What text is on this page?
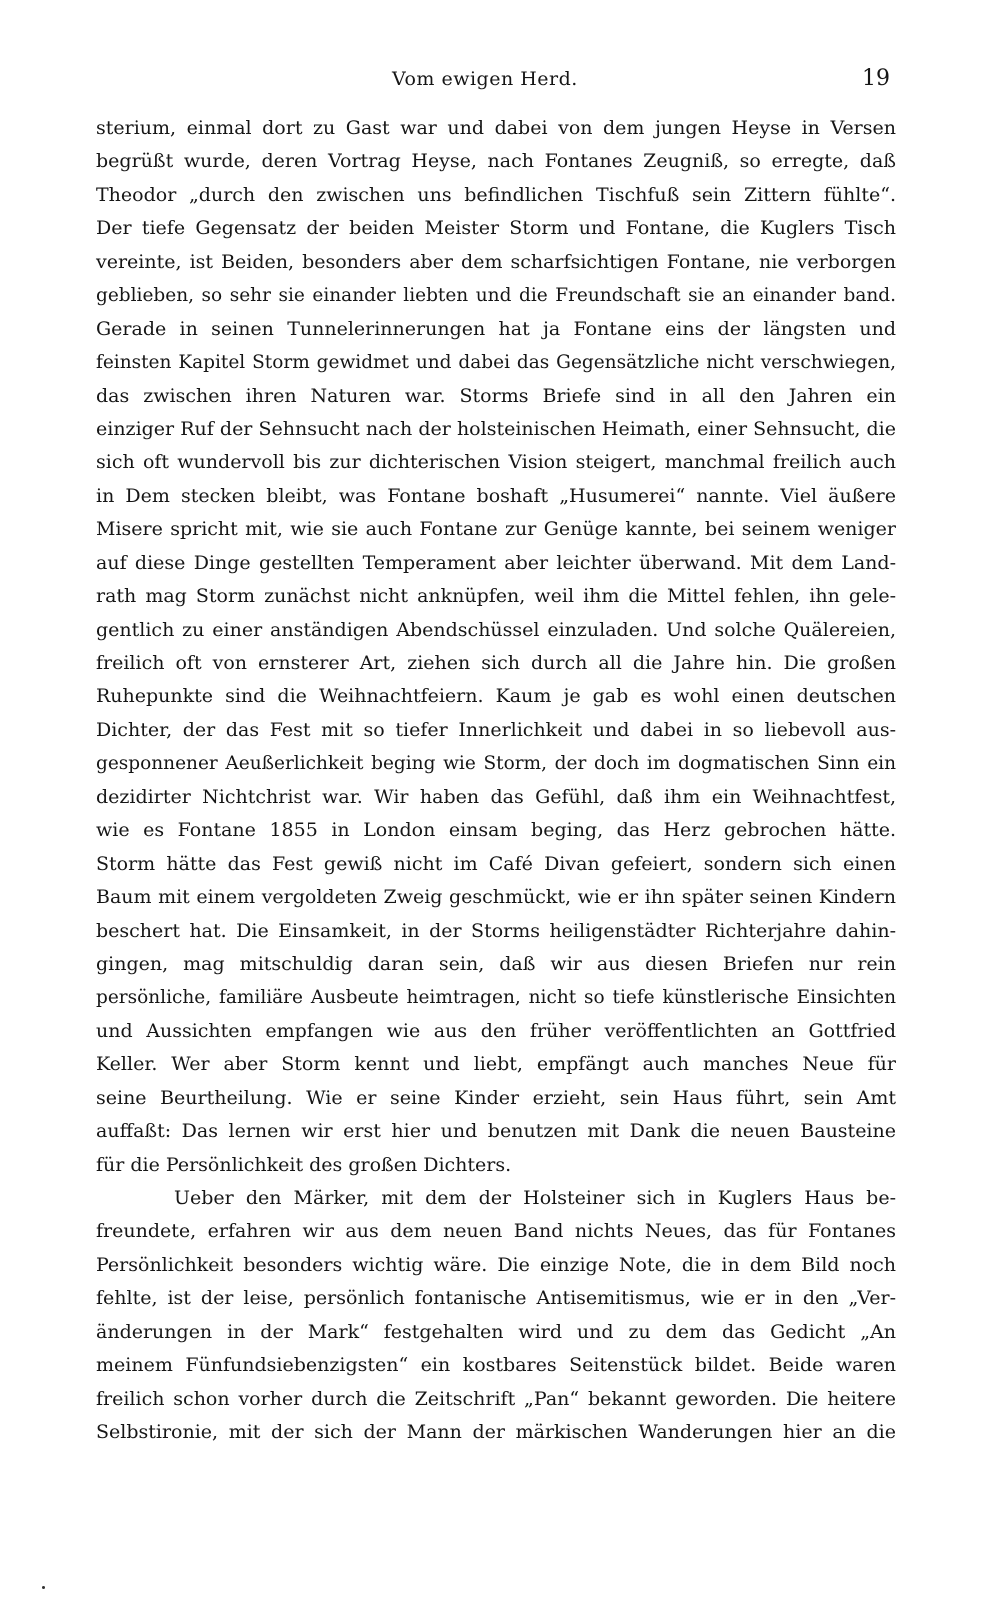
Vom ewigen Herd.	19
sterium, einmal dort zu Gast war und dabei von dem jungen Heyse in Versen
begrüßt wurde, deren Vortrag Heyse, nach Fontanes Zeugniß, so erregte, daß
Theodor „durch den zwischen uns befindlichen Tischfuß sein Zittern fühlte“.
Der tiefe Gegensatz der beiden Meister Storm und Fontane, die Kuglers Tisch
vereinte, ist Beiden, besonders aber dem scharfsichtigen Fontane, nie verborgen
geblieben, so sehr sie einander liebten und die Freundschaft sie an einander band.
Gerade in seinen Tunnelerinnerungen hat ja Fontane eins der längsten und
feinsten Kapitel Storm gewidmet und dabei das Gegensätzliche nicht verschwiegen,
das zwischen ihren Naturen war. Storms Briefe sind in all den Jahren ein
einziger Ruf der Sehnsucht nach der holsteinischen Heimath, einer Sehnsucht, die
sich oft wundervoll bis zur dichterischen Vision steigert, manchmal freilich auch
in Dem stecken bleibt, was Fontane boshaft „Husumerei“ nannte. Viel äußere
Misere spricht mit, wie sie auch Fontane zur Genüge kannte, bei seinem weniger
auf diese Dinge gestellten Temperament aber leichter überwand. Mit dem Land-
rath mag Storm zunächst nicht anknüpfen, weil ihm die Mittel fehlen, ihn gele-
gentlich zu einer anständigen Abendschüssel einzuladen. Und solche Quälereien,
freilich oft von ernsterer Art, ziehen sich durch all die Jahre hin. Die großen
Ruhepunkte sind die Weihnachtfeiern. Kaum je gab es wohl einen deutschen
Dichter, der das Fest mit so tiefer Innerlichkeit und dabei in so liebevoll aus-
gesponnener Aeußerlichkeit beging wie Storm, der doch im dogmatischen Sinn ein
dezidirter Nichtchrist war. Wir haben das Gefühl, daß ihm ein Weihnachtfest,
wie es Fontane 1855 in London einsam beging, das Herz gebrochen hätte.
Storm hätte das Fest gewiß nicht im Café Divan gefeiert, sondern sich einen
Baum mit einem vergoldeten Zweig geschmückt, wie er ihn später seinen Kindern
beschert hat. Die Einsamkeit, in der Storms heiligenstädter Richterjahre dahin-
gingen, mag mitschuldig daran sein, daß wir aus diesen Briefen nur rein
persönliche, familiäre Ausbeute heimtragen, nicht so tiefe künstlerische Einsichten
und Aussichten empfangen wie aus den früher veröffentlichten an Gottfried
Keller. Wer aber Storm kennt und liebt, empfängt auch manches Neue für
seine Beurtheilung. Wie er seine Kinder erzieht, sein Haus führt, sein Amt
auffaßt: Das lernen wir erst hier und benutzen mit Dank die neuen Bausteine
für die Persönlichkeit des großen Dichters.
Ueber den Märker, mit dem der Holsteiner sich in Kuglers Haus be-
freundete, erfahren wir aus dem neuen Band nichts Neues, das für Fontanes
Persönlichkeit besonders wichtig wäre. Die einzige Note, die in dem Bild noch
fehlte, ist der leise, persönlich fontanische Antisemitismus, wie er in den „Ver-
änderungen in der Mark“ festgehalten wird und zu dem das Gedicht „An
meinem Fünfundsiebenzigsten“ ein kostbares Seitenstück bildet. Beide waren
freilich schon vorher durch die Zeitschrift „Pan“ bekannt geworden. Die heitere
Selbstironie, mit der sich der Mann der märkischen Wanderungen hier an die
